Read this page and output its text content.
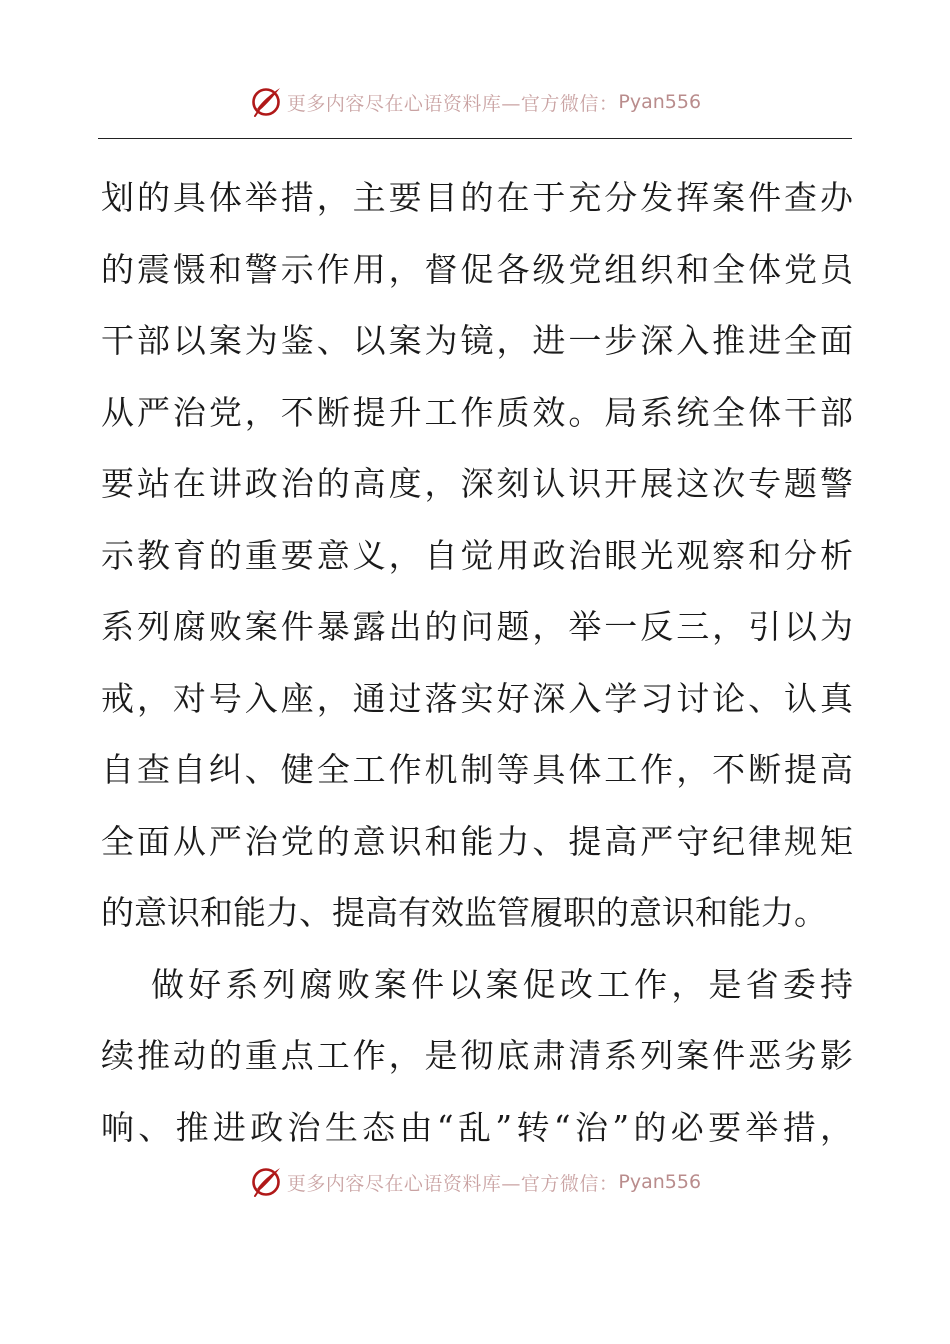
更多内容尽在心语资料库—官方微信： Pyan556
划的具体举措，主要目的在于充分发挥案件查办
的震慑和警示作用，督促各级党组织和全体党员
干部以案为鉴、以案为镜，进一步深入推进全面
从严治党，不断提升工作质效。局系统全体干部
要站在讲政治的高度，深刻认识开展这次专题警
示教育的重要意义，自觉用政治眼光观察和分析
系列腐败案件暴露出的问题，举一反三，引以为
戒，对号入座，通过落实好深入学习讨论、认真
自查自纠、健全工作机制等具体工作，不断提高
全面从严治党的意识和能力、提高严守纪律规矩
的意识和能力、提高有效监管履职的意识和能力。
做好系列腐败案件以案促改工作，是省委持
续推动的重点工作，是彻底肃清系列案件恶劣影
响、推进政治生态由“乱”转“治”的必要举措，
更多内容尽在心语资料库—官方微信： Pyan556
